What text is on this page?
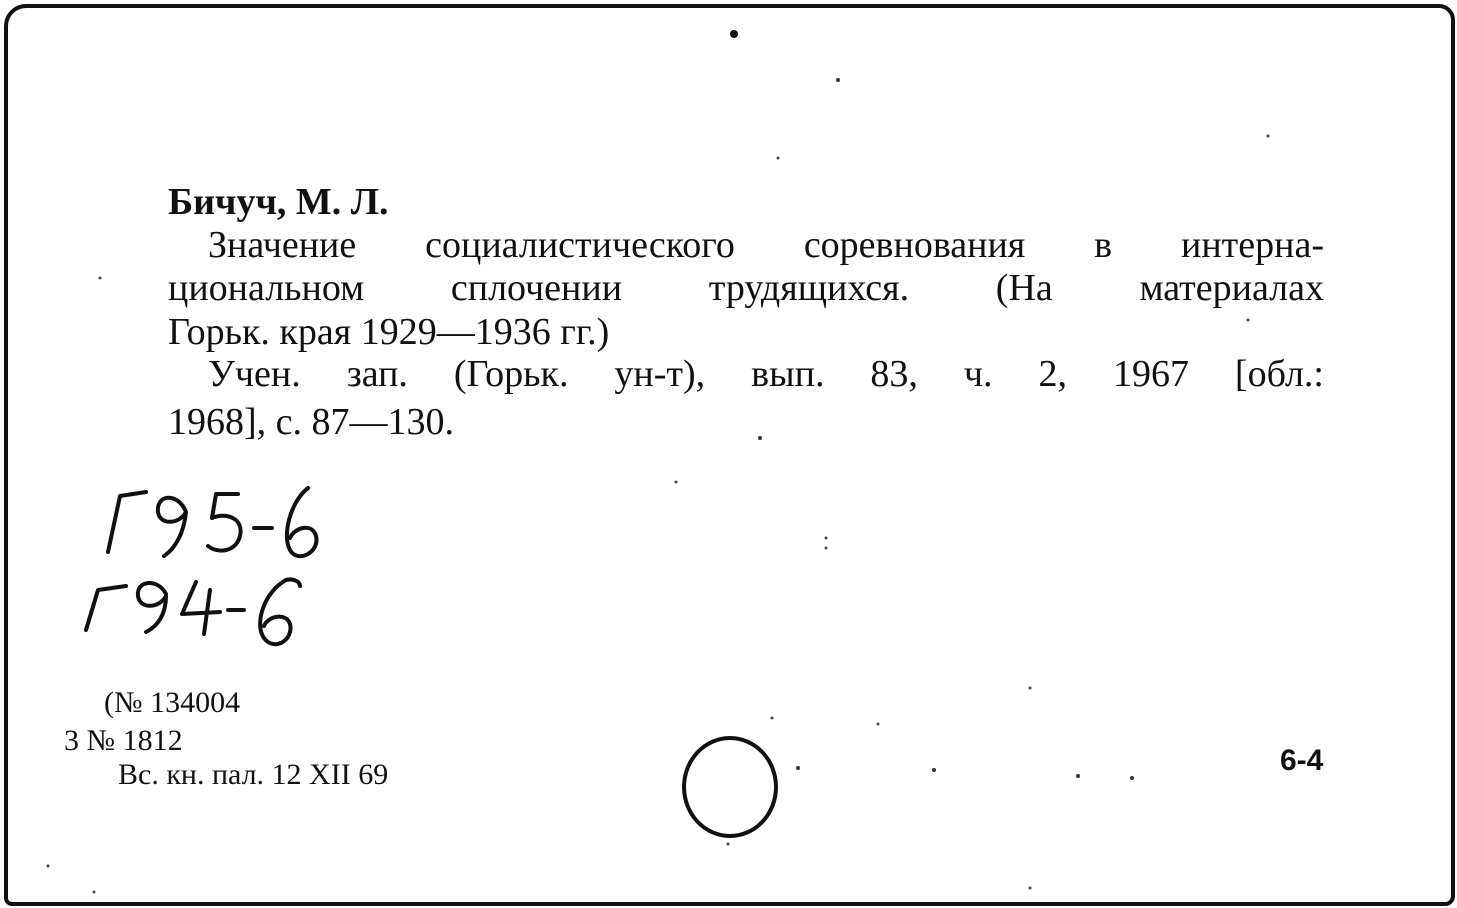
Бичуч, М. Л.
Значение социалистического соревнования в интерна-
циональном сплочении трудящихся. (На материалах
Горьк. края 1929—1936 гг.)
Учен. зап. (Горьк. ун-т), вып. 83, ч. 2, 1967 [обл.:
1968], с. 87—130.
(№ 134004
3 № 1812
Вс. кн. пал. 12 XII 69	6-4
